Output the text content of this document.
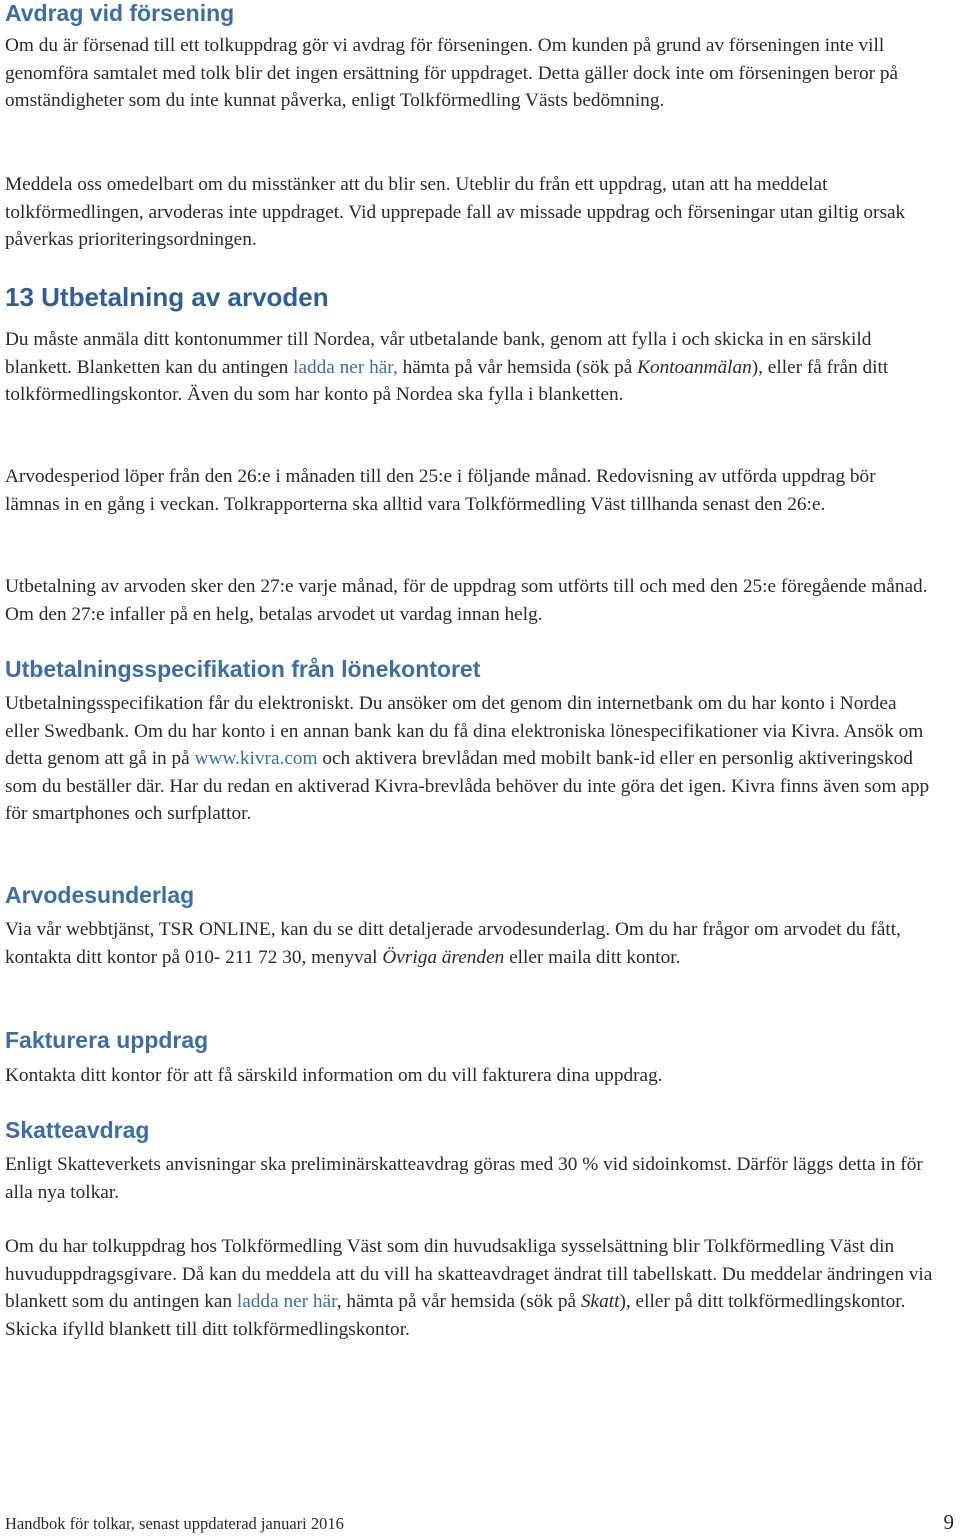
Avdrag vid försening

Om du är försenad till ett tolkuppdrag gör vi avdrag för förseningen. Om kunden på grund av förseningen inte vill genomföra samtalet med tolk blir det ingen ersättning för uppdraget. Detta gäller dock inte om förseningen beror på omständigheter som du inte kunnat påverka, enligt Tolkförmedling Västs bedömning.

Meddela oss omedelbart om du misstänker att du blir sen. Uteblir du från ett uppdrag, utan att ha meddelat tolkförmedlingen, arvoderas inte uppdraget. Vid upprepade fall av missade uppdrag och förseningar utan giltig orsak påverkas prioriteringsordningen.

13 Utbetalning av arvoden

Du måste anmäla ditt kontonummer till Nordea, vår utbetalande bank, genom att fylla i och skicka in en särskild blankett. Blanketten kan du antingen ladda ner här, hämta på vår hemsida (sök på Kontoanmälan), eller få från ditt tolkförmedlingskontor. Även du som har konto på Nordea ska fylla i blanketten.

Arvodesperiod löper från den 26:e i månaden till den 25:e i följande månad. Redovisning av utförda uppdrag bör lämnas in en gång i veckan. Tolkrapporterna ska alltid vara Tolkförmedling Väst tillhanda senast den 26:e.

Utbetalning av arvoden sker den 27:e varje månad, för de uppdrag som utförts till och med den 25:e föregående månad. Om den 27:e infaller på en helg, betalas arvodet ut vardag innan helg.

Utbetalningsspecifikation från lönekontoret

Utbetalningsspecifikation får du elektroniskt. Du ansöker om det genom din internetbank om du har konto i Nordea eller Swedbank. Om du har konto i en annan bank kan du få dina elektroniska lönespecifikationer via Kivra. Ansök om detta genom att gå in på www.kivra.com och aktivera brevlådan med mobilt bank-id eller en personlig aktiveringskod som du beställer där. Har du redan en aktiverad Kivra-brevlåda behöver du inte göra det igen. Kivra finns även som app för smartphones och surfplattor.

Arvodesunderlag

Via vår webbtjänst, TSR ONLINE, kan du se ditt detaljerade arvodesunderlag. Om du har frågor om arvodet du fått, kontakta ditt kontor på 010- 211 72 30, menyval Övriga ärenden eller maila ditt kontor.

Fakturera uppdrag

Kontakta ditt kontor för att få särskild information om du vill fakturera dina uppdrag.

Skatteavdrag

Enligt Skatteverkets anvisningar ska preliminärskatteavdrag göras med 30 % vid sidoinkomst. Därför läggs detta in för alla nya tolkar.

Om du har tolkuppdrag hos Tolkförmedling Väst som din huvudsakliga sysselsättning blir Tolkförmedling Väst din huvuduppdragsgivare. Då kan du meddela att du vill ha skatteavdraget ändrat till tabellskatt. Du meddelar ändringen via blankett som du antingen kan ladda ner här, hämta på vår hemsida (sök på Skatt), eller på ditt tolkförmedlingskontor. Skicka ifylld blankett till ditt tolkförmedlingskontor.

Handbok för tolkar, senast uppdaterad januari 2016	9
